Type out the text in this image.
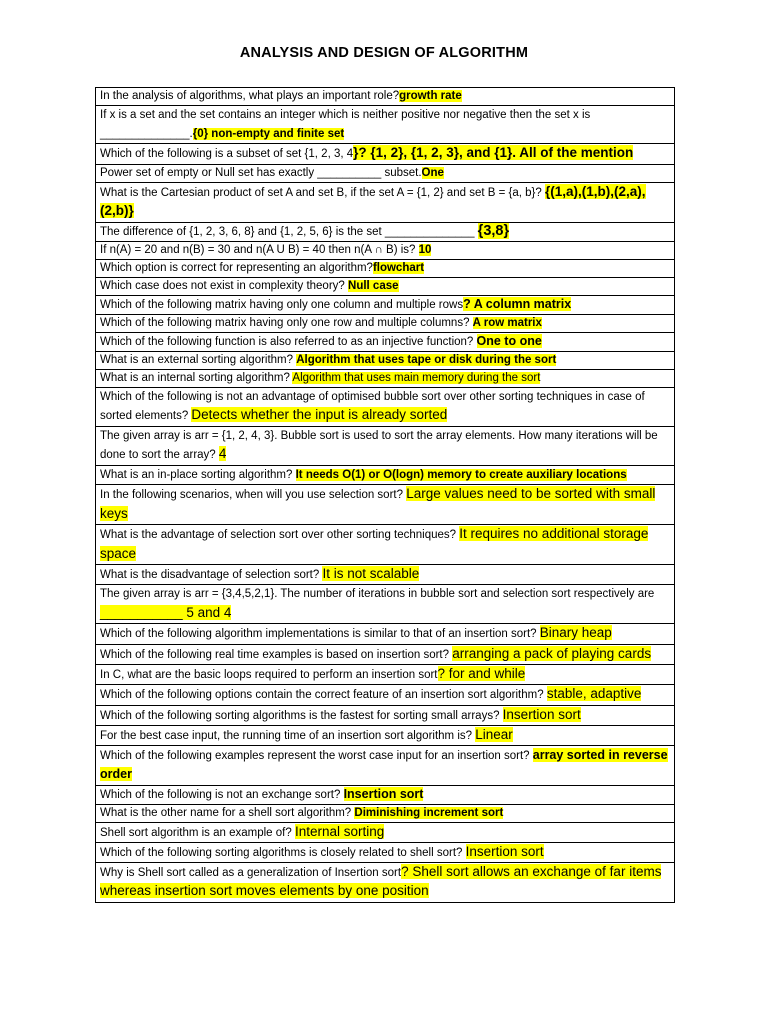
ANALYSIS AND DESIGN OF ALGORITHM
In the analysis of algorithms, what plays an important role?growth rate
If x is a set and the set contains an integer which is neither positive nor negative then the set x is ______________.{0} non-empty and finite set
Which of the following is a subset of set {1, 2, 3, 4}? {1, 2}, {1, 2, 3}, and {1}. All of the mention
Power set of empty or Null set has exactly __________ subset.One
What is the Cartesian product of set A and set B, if the set A = {1, 2} and set B = {a, b}? {(1,a),(1,b),(2,a),(2,b)}
The difference of {1, 2, 3, 6, 8} and {1, 2, 5, 6} is the set ______________ {3,8}
If n(A) = 20 and n(B) = 30 and n(A U B) = 40 then n(A ∩ B) is? 10
Which option is correct for representing an algorithm?flowchart
Which case does not exist in complexity theory? Null case
Which of the following matrix having only one column and multiple rows? A column matrix
Which of the following matrix having only one row and multiple columns? A row matrix
Which of the following function is also referred to as an injective function? One to one
What is an external sorting algorithm? Algorithm that uses tape or disk during the sort
What is an internal sorting algorithm? Algorithm that uses main memory during the sort
Which of the following is not an advantage of optimised bubble sort over other sorting techniques in case of sorted elements? Detects whether the input is already sorted
The given array is arr = {1, 2, 4, 3}. Bubble sort is used to sort the array elements. How many iterations will be done to sort the array? 4
What is an in-place sorting algorithm? It needs O(1) or O(logn) memory to create auxiliary locations
In the following scenarios, when will you use selection sort? Large values need to be sorted with small keys
What is the advantage of selection sort over other sorting techniques? It requires no additional storage space
What is the disadvantage of selection sort? It is not scalable
The given array is arr = {3,4,5,2,1}. The number of iterations in bubble sort and selection sort respectively are ___________ 5 and 4
Which of the following algorithm implementations is similar to that of an insertion sort? Binary heap
Which of the following real time examples is based on insertion sort? arranging a pack of playing cards
In C, what are the basic loops required to perform an insertion sort? for and while
Which of the following options contain the correct feature of an insertion sort algorithm? stable, adaptive
Which of the following sorting algorithms is the fastest for sorting small arrays? Insertion sort
For the best case input, the running time of an insertion sort algorithm is? Linear
Which of the following examples represent the worst case input for an insertion sort? array sorted in reverse order
Which of the following is not an exchange sort? Insertion sort
What is the other name for a shell sort algorithm? Diminishing increment sort
Shell sort algorithm is an example of? Internal sorting
Which of the following sorting algorithms is closely related to shell sort? Insertion sort
Why is Shell sort called as a generalization of Insertion sort? Shell sort allows an exchange of far items whereas insertion sort moves elements by one position
